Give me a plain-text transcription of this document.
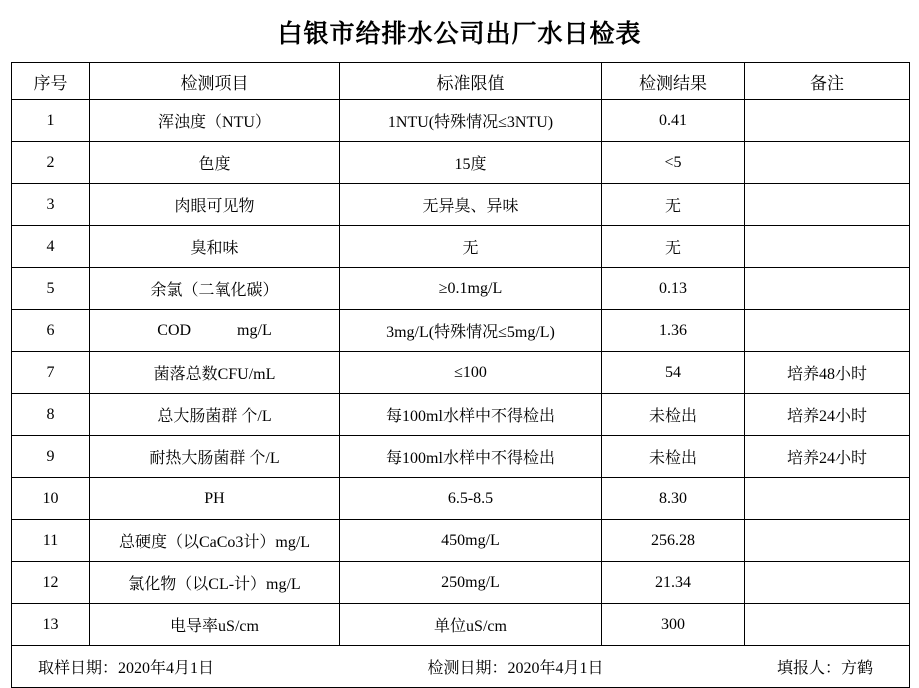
白银市给排水公司出厂水日检表
序号	检测项目	标准限值	检测结果	备注
1	浑浊度（NTU）	1NTU(特殊情况≤3NTU)	0.41	
2	色度	15度	<5	
3	肉眼可见物	无异臭、异味	无	
4	臭和味	无	无	
5	余氯（二氧化碳）	≥0.1mg/L	0.13	
6	COD mg/L	3mg/L(特殊情况≤5mg/L)	1.36	
7	菌落总数CFU/mL	≤100	54	培养48小时
8	总大肠菌群 个/L	每100ml水样中不得检出	未检出	培养24小时
9	耐热大肠菌群 个/L	每100ml水样中不得检出	未检出	培养24小时
10	PH	6.5-8.5	8.30	
11	总硬度（以CaCo3计）mg/L	450mg/L	256.28	
12	氯化物（以CL-计）mg/L	250mg/L	21.34	
13	电导率uS/cm	单位uS/cm	300	

取样日期：2020年4月1日 检测日期：2020年4月1日 填报人：方鹤				
